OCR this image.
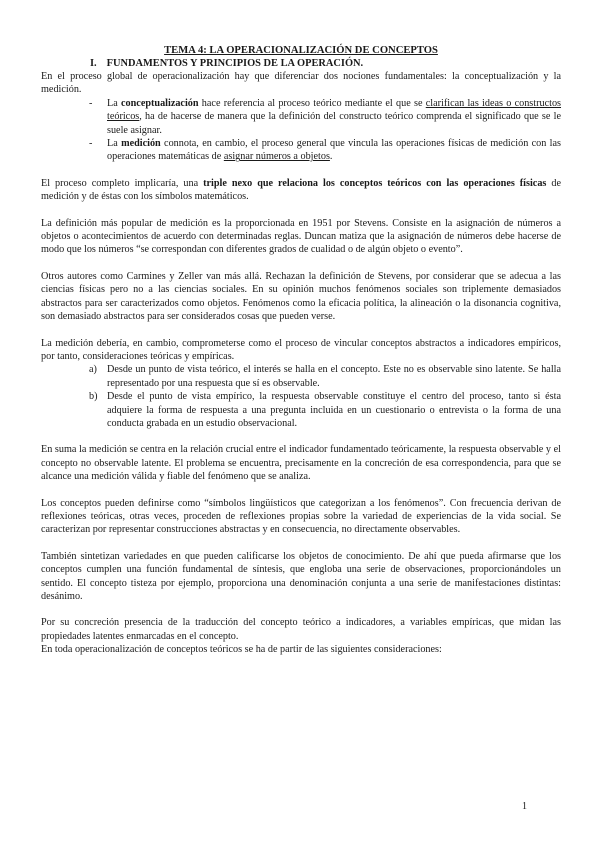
TEMA 4: LA OPERACIONALIZACIÓN DE CONCEPTOS

I. FUNDAMENTOS Y PRINCIPIOS DE LA OPERACIÓN.

En el proceso global de operacionalización hay que diferenciar dos nociones fundamentales: la conceptualización y la medición.

- La conceptualización hace referencia al proceso teórico mediante el que se clarifican las ideas o constructos teóricos, ha de hacerse de manera que la definición del constructo teórico comprenda el significado que se le suele asignar.
- La medición connota, en cambio, el proceso general que vincula las operaciones físicas de medición con las operaciones matemáticas de asignar números a objetos.

El proceso completo implicaría, una triple nexo que relaciona los conceptos teóricos con las operaciones físicas de medición y de éstas con los símbolos matemáticos.

La definición más popular de medición es la proporcionada en 1951 por Stevens. Consiste en la asignación de números a objetos o acontecimientos de acuerdo con determinadas reglas. Duncan matiza que la asignación de números debe hacerse de modo que los números “se correspondan con diferentes grados de cualidad o de algún objeto o evento”.

Otros autores como Carmines y Zeller van más allá. Rechazan la definición de Stevens, por considerar que se adecua a las ciencias físicas pero no a las ciencias sociales. En su opinión muchos fenómenos sociales son triplemente demasiados abstractos para ser caracterizados como objetos. Fenómenos como la eficacia política, la alineación o la disonancia cognitiva, son demasiado abstractos para ser considerados cosas que pueden verse.

La medición debería, en cambio, comprometerse como el proceso de vincular conceptos abstractos a indicadores empíricos, por tanto, consideraciones teóricas y empíricas.

a) Desde un punto de vista teórico, el interés se halla en el concepto. Este no es observable sino latente. Se halla representado por una respuesta que sí es observable.
b) Desde el punto de vista empírico, la respuesta observable constituye el centro del proceso, tanto si ésta adquiere la forma de respuesta a una pregunta incluida en un cuestionario o entrevista o la forma de una conducta grabada en un estudio observacional.

En suma la medición se centra en la relación crucial entre el indicador fundamentado teóricamente, la respuesta observable y el concepto no observable latente. El problema se encuentra, precisamente en la concreción de esa correspondencia, para que se alcance una medición válida y fiable del fenómeno que se analiza.

Los conceptos pueden definirse como “símbolos lingüísticos que categorizan a los fenómenos”. Con frecuencia derivan de reflexiones teóricas, otras veces, proceden de reflexiones propias sobre la variedad de experiencias de la vida social. Se caracterizan por representar construcciones abstractas y en consecuencia, no directamente observables.

También sintetizan variedades en que pueden calificarse los objetos de conocimiento. De ahí que pueda afirmarse que los conceptos cumplen una función fundamental de síntesis, que engloba una serie de observaciones, proporcionándoles un sentido. El concepto tisteza por ejemplo, proporciona una denominación conjunta a una serie de manifestaciones distintas: desánimo.

Por su concreción presencia de la traducción del concepto teórico a indicadores, a variables empíricas, que midan las propiedades latentes enmarcadas en el concepto.

En toda operacionalización de conceptos teóricos se ha de partir de las siguientes consideraciones:

1
